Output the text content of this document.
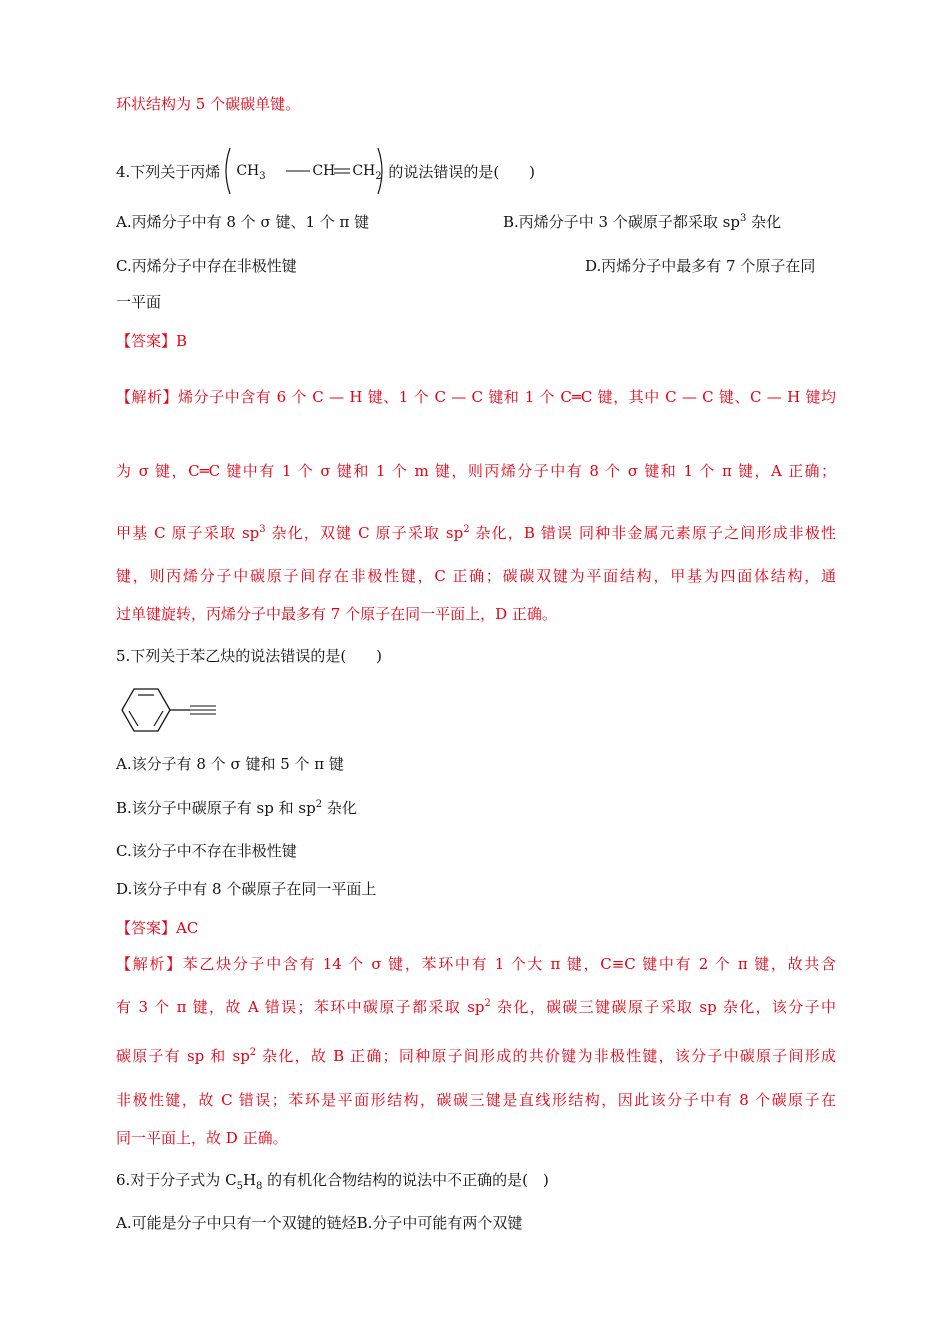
环状结构为 5 个碳碳单键。
4.下列关于丙烯 $CH_3$	CH $CH_2$ 的说法错误的是(　　)
A.丙烯分子中有 8 个 σ 键、1 个 π 键	B.丙烯分子中 3 个碳原子都采取 $sp^3$ 杂化
C.丙烯分子中存在非极性键	D.丙烯分子中最多有 7 个原子在同
一平面
【答案】B
【解析】烯分子中含有 6 个 C — H 键、1 个 C — C 键和 1 个 C═C 键，其中 C — C 键、C — H 键均
为 σ 键，C═C 键中有 1 个 σ 键和 1 个 m 键，则丙烯分子中有 8 个 σ 键和 1 个 π 键，A 正确；
甲基 C 原子采取 $sp^3$ 杂化，双键 C 原子采取 $sp^2$ 杂化，B 错误 同种非金属元素原子之间形成非极性
键，则丙烯分子中碳原子间存在非极性键，C 正确；碳碳双键为平面结构，甲基为四面体结构，通
过单键旋转，丙烯分子中最多有 7 个原子在同一平面上，D 正确。
5.下列关于苯乙炔的说法错误的是(　　)
A.该分子有 8 个 σ 键和 5 个 π 键
B.该分子中碳原子有 sp 和 $sp^2$ 杂化
C.该分子中不存在非极性键
D.该分子中有 8 个碳原子在同一平面上
【答案】AC
【解析】苯乙炔分子中含有 14 个 σ 键，苯环中有 1 个大 π 键，C≡C 键中有 2 个 π 键，故共含
有 3 个 π 键，故 A 错误；苯环中碳原子都采取 $sp^2$ 杂化，碳碳三键碳原子采取 sp 杂化，该分子中
碳原子有 sp 和 $sp^2$ 杂化，故 B 正确；同种原子间形成的共价键为非极性键，该分子中碳原子间形成
非极性键，故 C 错误；苯环是平面形结构，碳碳三键是直线形结构，因此该分子中有 8 个碳原子在
同一平面上，故 D 正确。
6.对于分子式为 $C_5H_8$ 的有机化合物结构的说法中不正确的是(　)
A.可能是分子中只有一个双键的链烃B.分子中可能有两个双键
